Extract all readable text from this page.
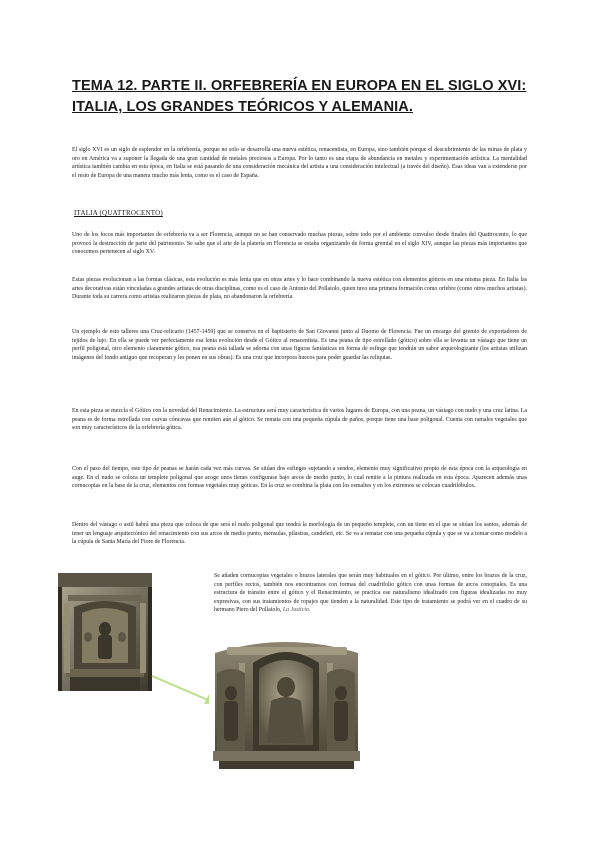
TEMA 12. PARTE II. ORFEBRERÍA EN EUROPA EN EL SIGLO XVI:
ITALIA, LOS GRANDES TEÓRICOS Y ALEMANIA.

El siglo XVI es un siglo de esplendor en la orfebrería, porque no solo se desarrolla una nueva estética, renacentista, en Europa, sino también porque el descubrimiento de las minas de plata y oro en América va a suponer la llegada de una gran cantidad de metales preciosos a Europa. Por lo tanto es una etapa de abundancia en metales y experimentación artística. La mentalidad artística también cambia en esta época, en Italia se está pasando de una consideración mecánica del artista a una consideración intelectual (a través del diseño). Esas ideas van a extenderse por el resto de Europa de una manera mucho más lenta, como es el caso de España.

ITALIA (QUATTROCENTO)

Uno de los focos más importantes de orfebrería va a ser Florencia, aunque no se han conservado muchas piezas, sobre todo por el ambiente convulso desde finales del Quattrocento, lo que provocó la destrucción de parte del patrimonio. Se sabe que el arte de la platería en Florencia se estaba organizando de forma gremial en el siglo XIV, aunque las piezas más importantes que conocemos pertenecen al siglo XV.

Estas piezas evolucionan a las formas clásicas, esta evolución es más lenta que en otras artes y lo hace combinando la nueva estética con elementos góticos en una misma pieza. En Italia las artes decorativas están vinculadas a grandes artistas de otras disciplinas, como es el caso de Antonio del Pollaiolo, quien tuvo una primera formación como orfebre (como otros muchos artistas). Durante toda su carrera como artistas realizaron piezas de plata, no abandonaron la orfebrería.

Un ejemplo de esto talleres una Cruz-relicario (1457-1459) que se conserva en el baptisterio de San Giovanni junto al Duomo de Florencia. Fue un encargo del gremio de exportadores de tejidos de lujo. En ella se puede ver perfectamente esa lenta evolución desde el Gótico al renacentista. Es una peana de tipo estrellado (gótico) sobre ella se levanta un vástago que tiene un perfil poligonal, otro elemento claramente gótico, esa peana está tallada se adorna con unas figuras fantásticas en forma de esfinge que tendrán un sabor arqueologizante (los artistas utilizan imágenes del fondo antiguo que recuperan y les ponen en sus obras). Es una cruz que incorpora huecos para poder guardar las reliquias.

En esta pieza se mezcla el Gótico con la novedad del Renacimiento. La estructura será muy característica de varios lugares de Europa, con una peana, un vástago con nudo y una cruz latina. La peana es de forma estrellada con curvas cóncavas que remiten aún al gótico. Se remata con una pequeña cúpula de paños, porque tiene una base poligonal. Cuenta con ramales vegetales que son muy característicos de la orfebrería gótica.

Con el paso del tiempo, este tipo de peanas se harán cada vez más curvas. Se sitúan dos esfinges sujetando a sendos, elemento muy significativo propio de esta época con la arqueología en auge. En el nudo se coloca un templete poligonal que acoge unos tienes configurase bajo arcos de medio punto, lo cual remite a la pintura realizada en esta época. Aparecen además unas cornucopias en la base de la cruz, elementos con formas vegetales muy góticas. En la cruz se combina la plata con los esmaltes y en los extremos se colocan cuadrilóbulos.

Dentro del vástago o astil habrá una pieza que coloca de que será el nudo poligonal que tendrá la morfología de un pequeño templete, con un tiene en el que se sitúan los santos, además de tener un lenguaje arquitectónico del renacimiento con sus arcos de medio punto, ménsulas, pilastras, candeleri, etc. Se va a rematar con una pequeña cúpula y que se va a tomar como modelo a la cúpula de Santa María del Fiore de Florencia.

Se añaden cornucopias vegetales o brazos laterales que serán muy habituales en el gótico. Por último, entre los brazos de la cruz, con perfiles rectos, también nos encontramos con formas del cuadrifolio gótico con unas formas de arcos conopiales. Es una estructura de tránsito entre el gótico y el Renacimiento, se practica ese naturalismo idealizado con figuras idealizadas no muy expresivas, con sus tratamientos de ropajes que tienden a la naturalidad. Este tipo de tratamiento se podrá ver en el cuadro de su hermano Piero del Pollaiolo, La Justicia.
